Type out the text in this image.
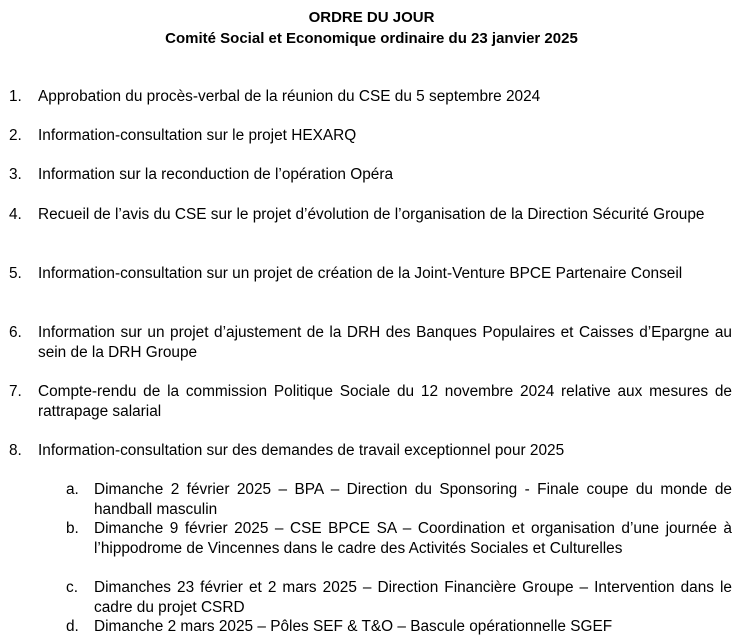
ORDRE DU JOUR
Comité Social et Economique ordinaire du 23 janvier 2025
1.	Approbation du procès-verbal de la réunion du CSE du 5 septembre 2024
2.	Information-consultation sur le projet HEXARQ
3.	Information sur la reconduction de l’opération Opéra
4.	Recueil de l’avis du CSE sur le projet d’évolution de l’organisation de la Direction Sécurité Groupe
5.	Information-consultation sur un projet de création de la Joint-Venture BPCE Partenaire Conseil
6.	Information sur un projet d’ajustement de la DRH des Banques Populaires et Caisses d’Epargne au sein de la DRH Groupe
7.	Compte-rendu de la commission Politique Sociale du 12 novembre 2024 relative aux mesures de rattrapage salarial
8.	Information-consultation sur des demandes de travail exceptionnel pour 2025
a. Dimanche 2 février 2025 – BPA – Direction du Sponsoring - Finale coupe du monde de handball masculin
b. Dimanche 9 février 2025 – CSE BPCE SA – Coordination et organisation d’une journée à l’hippodrome de Vincennes dans le cadre des Activités Sociales et Culturelles
c.	Dimanches 23 février et 2 mars 2025 – Direction Financière Groupe – Intervention dans le cadre du projet CSRD
d. Dimanche 2 mars 2025 – Pôles SEF & T&O – Bascule opérationnelle SGEF
